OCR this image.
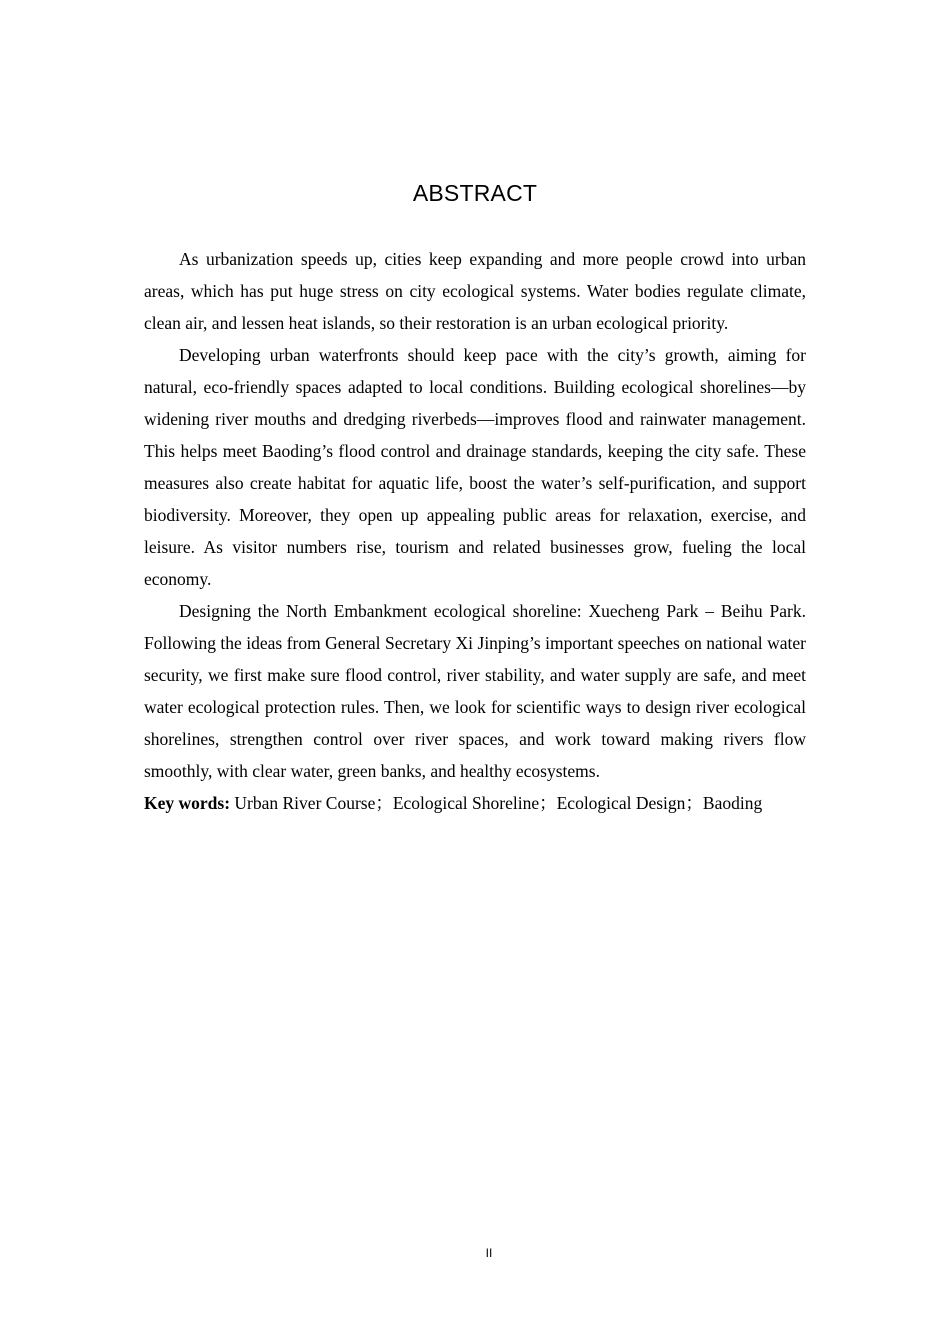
ABSTRACT

As urbanization speeds up, cities keep expanding and more people crowd into urban areas, which has put huge stress on city ecological systems. Water bodies regulate climate, clean air, and lessen heat islands, so their restoration is an urban ecological priority.

Developing urban waterfronts should keep pace with the city’s growth, aiming for natural, eco-friendly spaces adapted to local conditions. Building ecological shorelines—by widening river mouths and dredging riverbeds—improves flood and rainwater management. This helps meet Baoding’s flood control and drainage standards, keeping the city safe. These measures also create habitat for aquatic life, boost the water’s self-purification, and support biodiversity. Moreover, they open up appealing public areas for relaxation, exercise, and leisure. As visitor numbers rise, tourism and related businesses grow, fueling the local economy.

Designing the North Embankment ecological shoreline: Xuecheng Park – Beihu Park. Following the ideas from General Secretary Xi Jinping’s important speeches on national water security, we first make sure flood control, river stability, and water supply are safe, and meet water ecological protection rules. Then, we look for scientific ways to design river ecological shorelines, strengthen control over river spaces, and work toward making rivers flow smoothly, with clear water, green banks, and healthy ecosystems.

Key words: Urban River Course；Ecological Shoreline；Ecological Design；Baoding

II
